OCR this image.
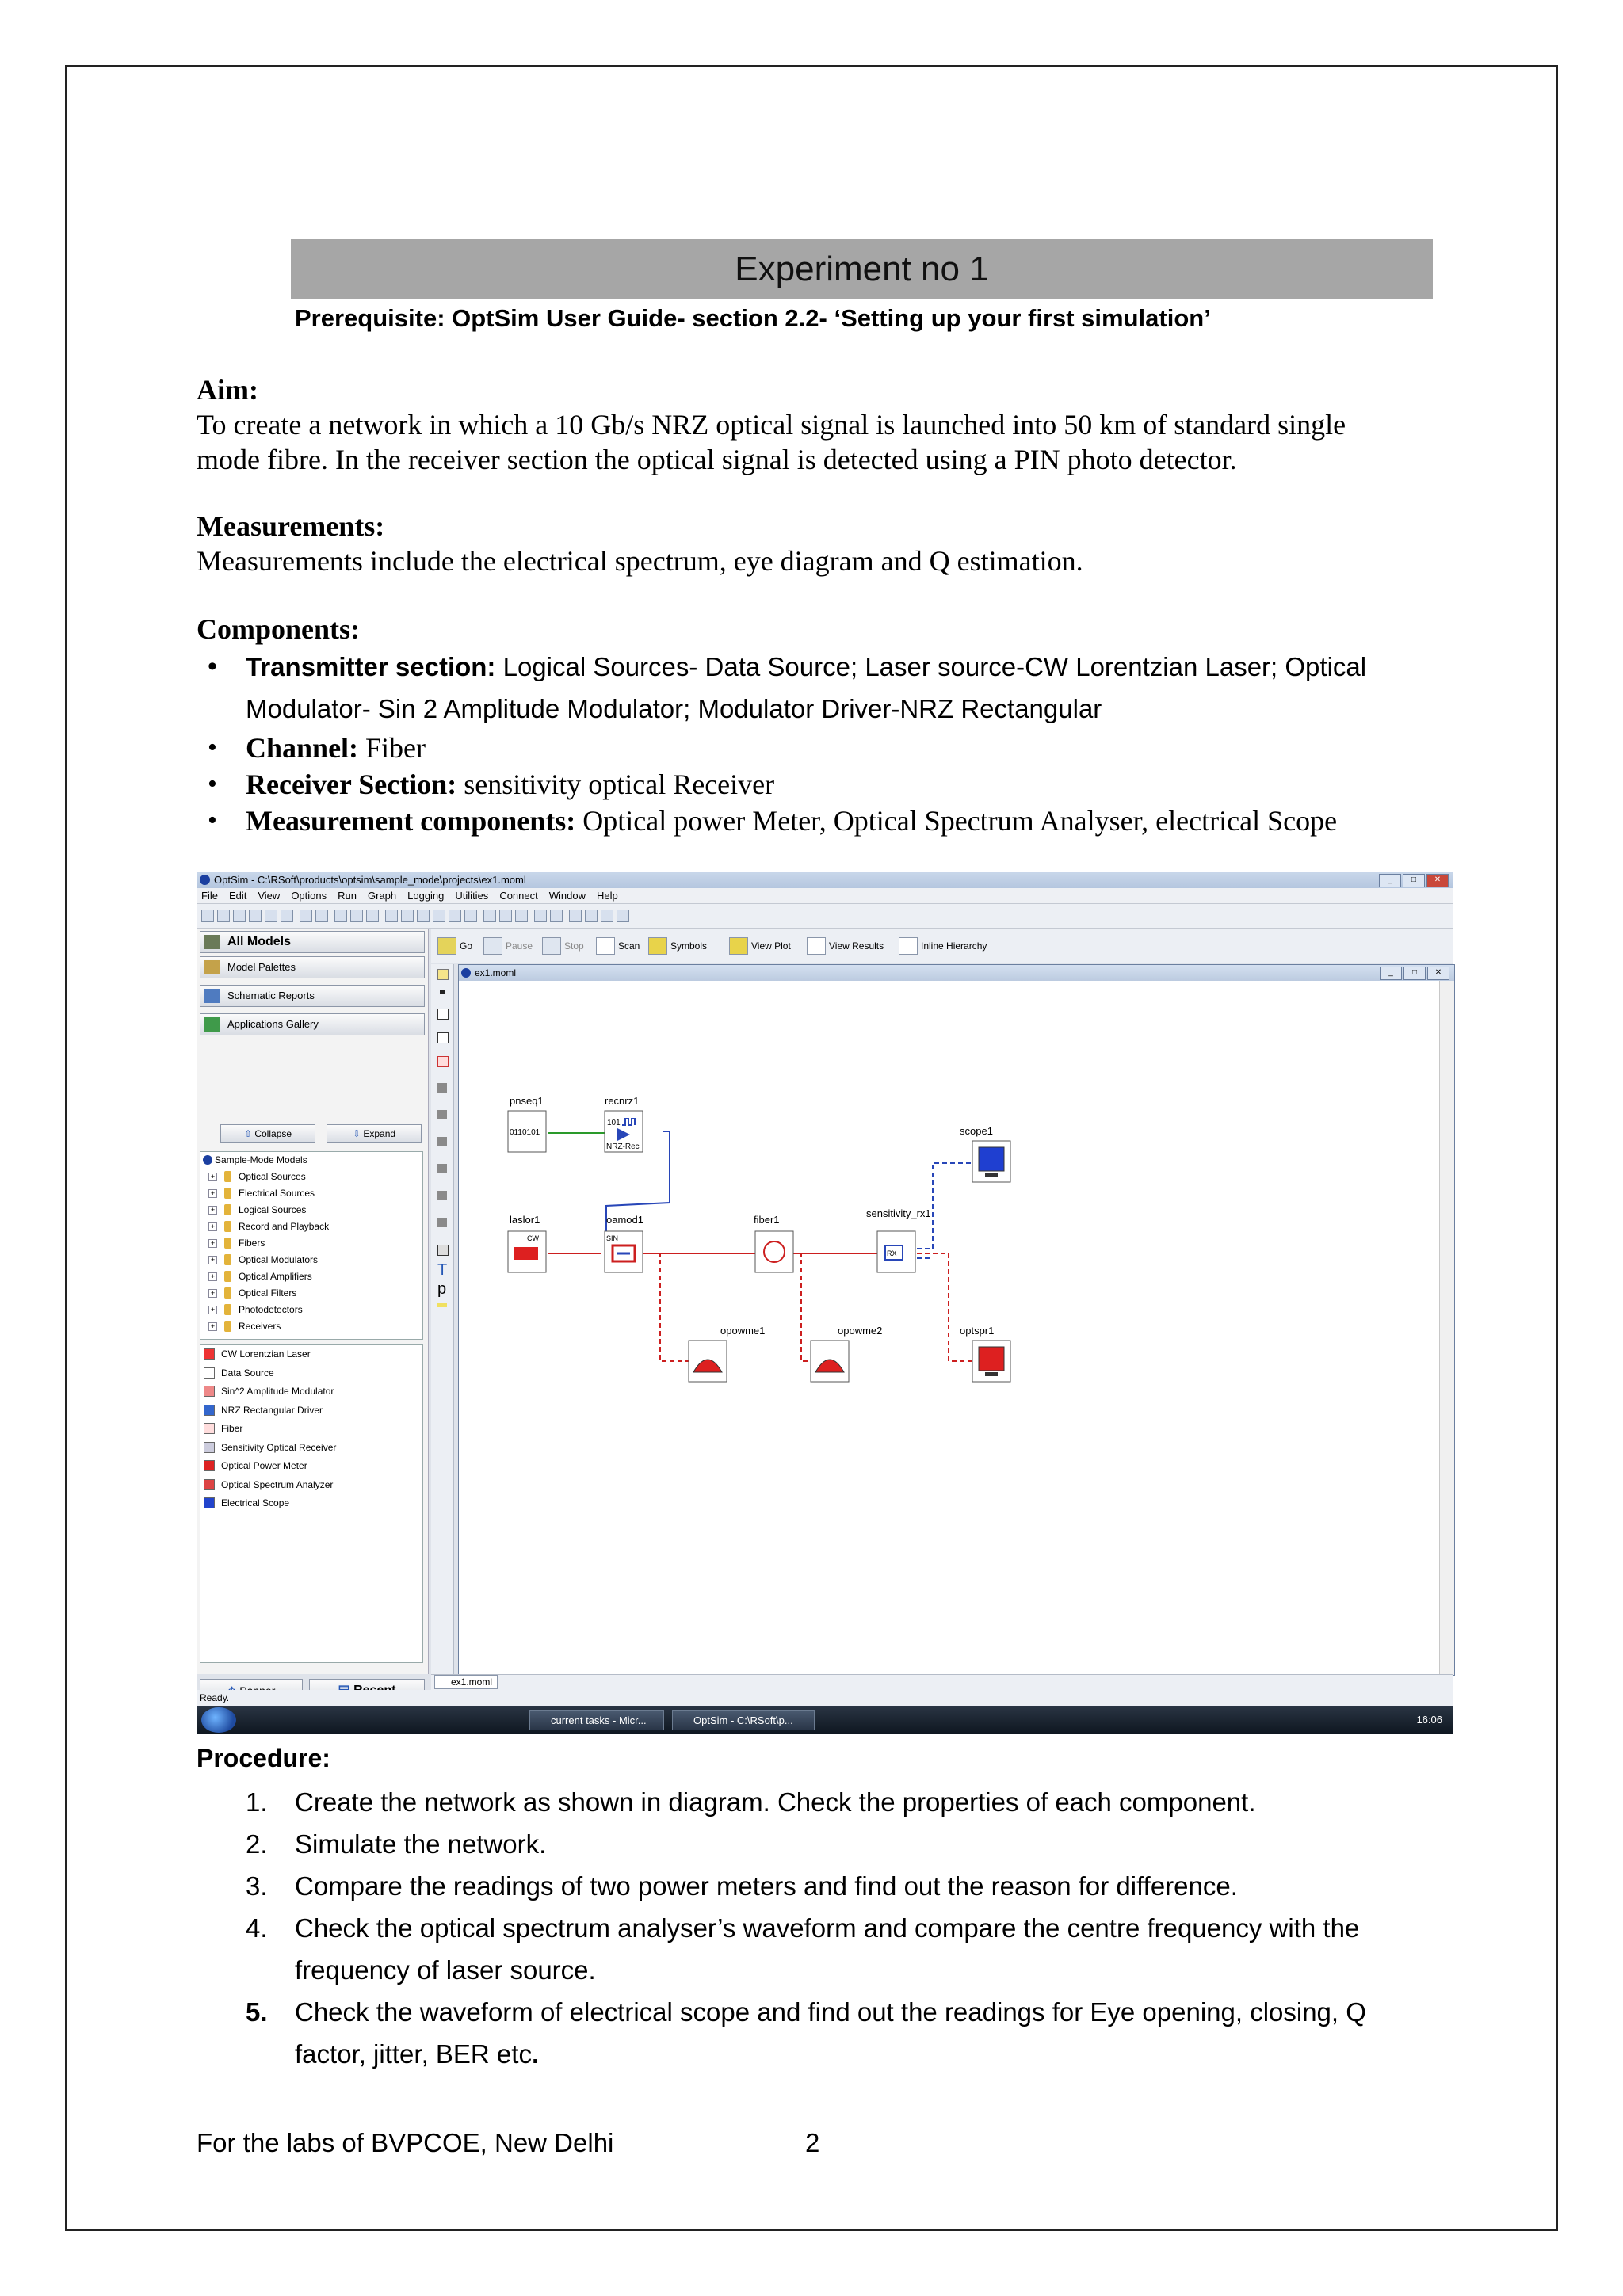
Experiment no 1
Prerequisite: OptSim User Guide- section 2.2- ‘Setting up your first simulation’
Aim:
To create a network in which a 10 Gb/s NRZ optical signal is launched into 50 km of standard single
mode fibre. In the receiver section the optical signal is detected using a PIN photo detector.
Measurements:
Measurements include the electrical spectrum, eye diagram and Q estimation.
Components:
• Transmitter section: Logical Sources- Data Source; Laser source-CW Lorentzian Laser; Optical
Modulator- Sin 2 Amplitude Modulator; Modulator Driver-NRZ Rectangular
• Channel: Fiber
• Receiver Section: sensitivity optical Receiver
• Measurement components: Optical power Meter, Optical Spectrum Analyser, electrical Scope
OptSim - C:\RSoft\products\optsim\sample_mode\projects\ex1.moml	_	□	✕
File Edit View Options Run Graph Logging Utilities Connect Window Help
All Models
Model Palettes
Schematic Reports
Applications Gallery
⇧ Collapse	⇩ Expand
Sample-Mode Models
+ Optical Sources
+ Electrical Sources
+ Logical Sources
+ Record and Playback
+ Fibers
+ Optical Modulators
+ Optical Amplifiers
+ Optical Filters
+ Photodetectors
+ Receivers
CW Lorentzian Laser
Data Source
Sin^2 Amplitude Modulator
NRZ Rectangular Driver
Fiber
Sensitivity Optical Receiver
Optical Power Meter
Optical Spectrum Analyzer
Electrical Scope
Go	Pause	Stop	Scan	Symbols	View Plot	View Results	Inline Hierarchy
T
p
ex1.moml	_	□	✕
pnseq1
0110101
recnrz1
101
NRZ-Rec
laslor1
CW
oamod1
SIN
fiber1
sensitivity_rx1
RX
scope1
opowme1	opowme2	optspr1
ex1.moml
Ready.
current tasks - Micr...	OptSim - C:\RSoft\p...	16:06
Procedure:
1. Create the network as shown in diagram. Check the properties of each component.
2. Simulate the network.
3. Compare the readings of two power meters and find out the reason for difference.
4. Check the optical spectrum analyser’s waveform and compare the centre frequency with the
frequency of laser source.
5. Check the waveform of electrical scope and find out the readings for Eye opening, closing, Q
factor, jitter, BER etc.
For the labs of BVPCOE, New Delhi	2
